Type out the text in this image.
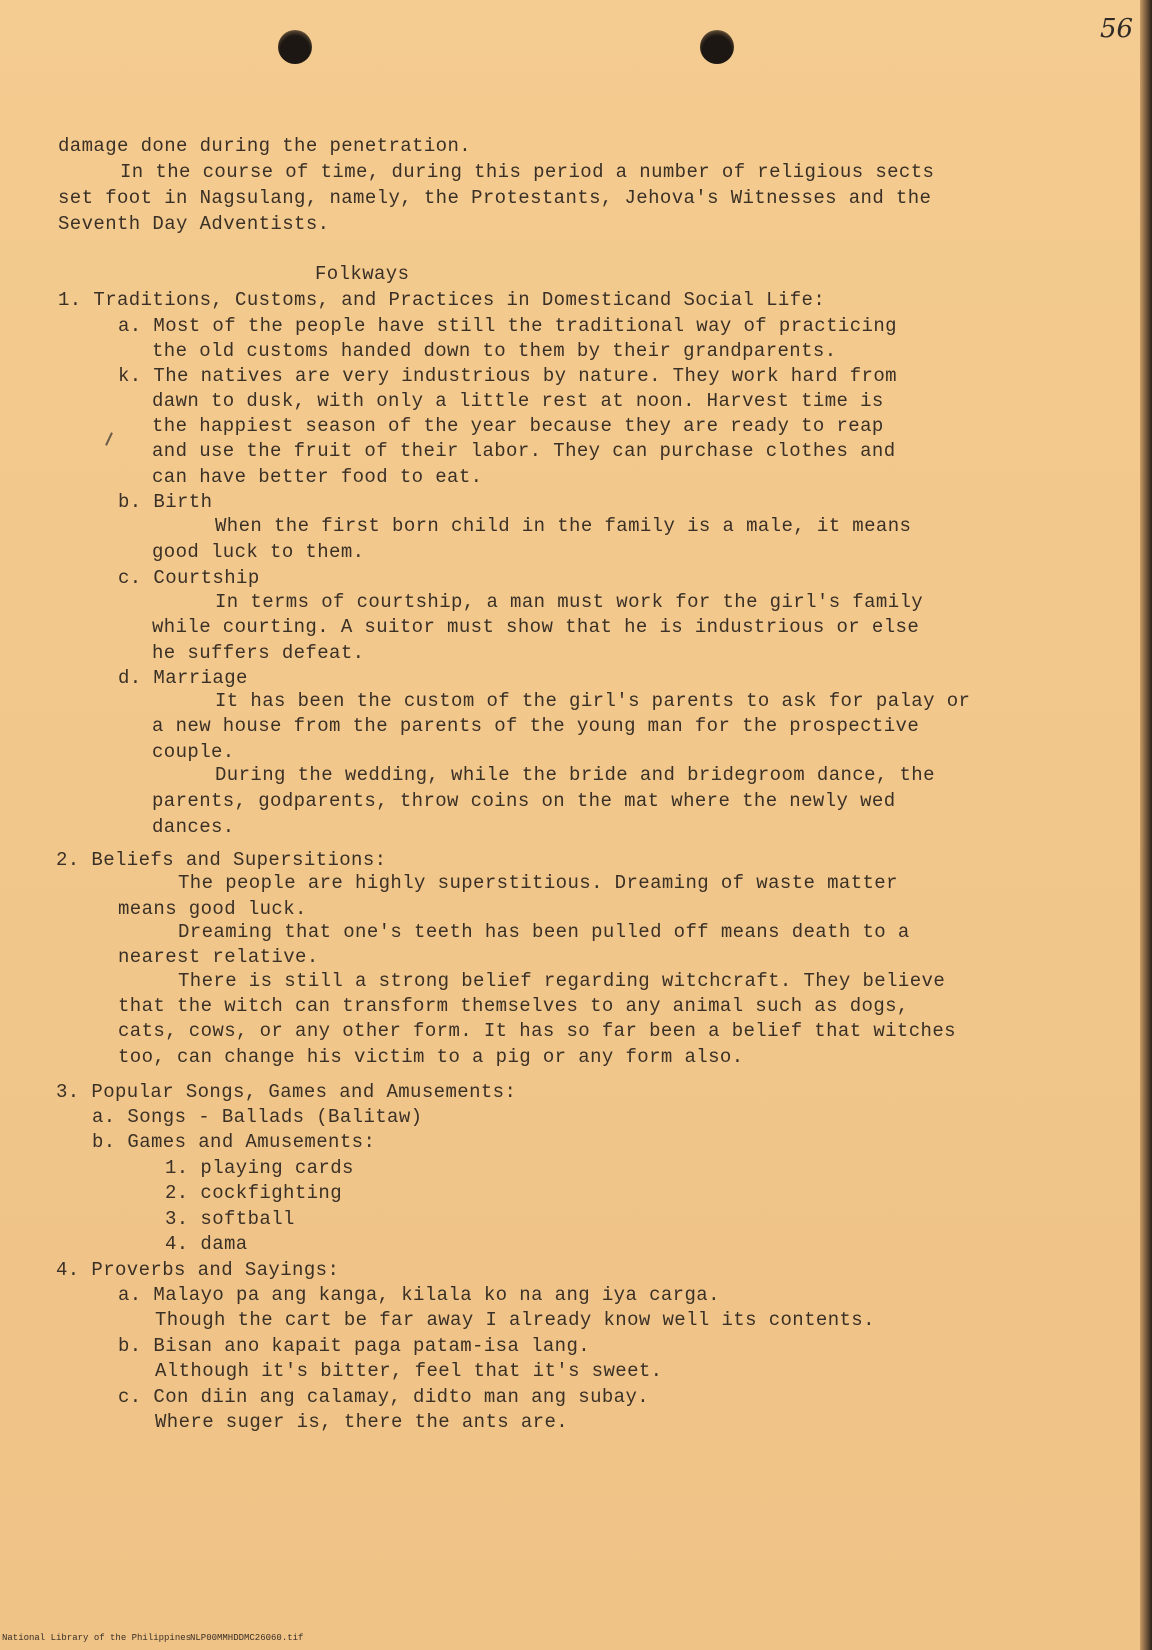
56
damage done during the penetration.
In the course of time, during this period a number of religious sects
set foot in Nagsulang, namely, the Protestants, Jehova's Witnesses and the
Seventh Day Adventists.
Folkways
1. Traditions, Customs, and Practices in Domesticand Social Life:
a. Most of the people have still the traditional way of practicing
the old customs handed down to them by their grandparents.
k. The natives are very industrious by nature. They work hard from
dawn to dusk, with only a little rest at noon. Harvest time is
the happiest season of the year because they are ready to reap
and use the fruit of their labor. They can purchase clothes and
can have better food to eat.
b. Birth
When the first born child in the family is a male, it means
good luck to them.
c. Courtship
In terms of courtship, a man must work for the girl's family
while courting. A suitor must show that he is industrious or else
he suffers defeat.
d. Marriage
It has been the custom of the girl's parents to ask for palay or
a new house from the parents of the young man for the prospective
couple.
During the wedding, while the bride and bridegroom dance, the
parents, godparents, throw coins on the mat where the newly wed
dances.
2. Beliefs and Supersitions:
The people are highly superstitious. Dreaming of waste matter
means good luck.
Dreaming that one's teeth has been pulled off means death to a
nearest relative.
There is still a strong belief regarding witchcraft. They believe
that the witch can transform themselves to any animal such as dogs,
cats, cows, or any other form. It has so far been a belief that witches
too, can change his victim to a pig or any form also.
3. Popular Songs, Games and Amusements:
a. Songs - Ballads (Balitaw)
b. Games and Amusements:
1. playing cards
2. cockfighting
3. softball
4. dama
4. Proverbs and Sayings:
a. Malayo pa ang kanga, kilala ko na ang iya carga.
Though the cart be far away I already know well its contents.
b. Bisan ano kapait paga patam-isa lang.
Although it's bitter, feel that it's sweet.
c. Con diin ang calamay, didto man ang subay.
Where suger is, there the ants are.
National Library of the Philippines
NLP00MMHDDMC26060.tif
